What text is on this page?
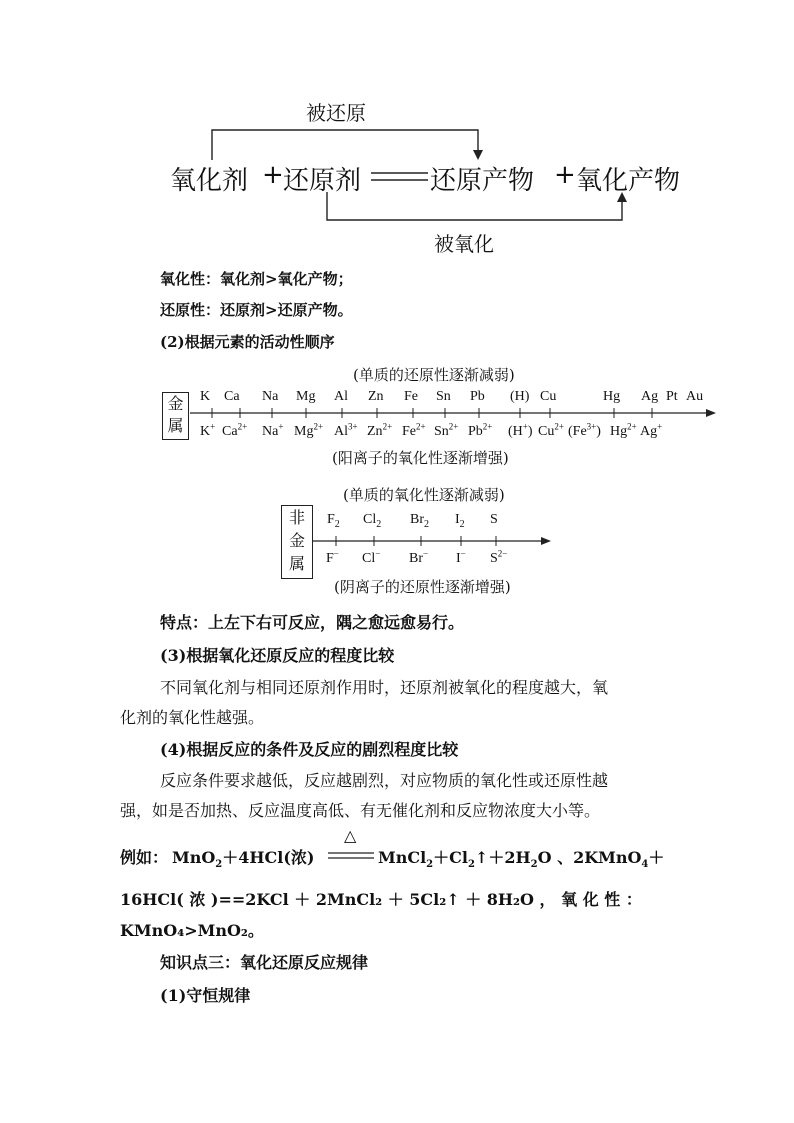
被还原
氧化剂 + 还原剂	还原产物 + 氧化产物
被氧化
氧化性：氧化剂>氧化产物；
还原性：还原剂>还原产物。
(2)根据元素的活动性顺序
(单质的还原性逐渐减弱)
金
属
K Ca Na Mg Al Zn Fe Sn Pb (H) Cu	Hg Ag Pt Au
K+ $Ca^{2+}$ Na+ $Mg^{2+}$ $Al^{3+}$ $Zn^{2+}$ $Fe^{2+}$ $Sn^{2+}$ $Pb^{2+}$ (H+) $Cu^{2+}$ $(Fe^{3+})$ $Hg^{2+}$ Ag+
(阳离子的氧化性逐渐增强)
(单质的氧化性逐渐减弱)
非
金
属
$F_2$ $Cl_2$ $Br_2$ $I_2$ S
F− Cl− Br− I− $S^{2-}$
(阴离子的还原性逐渐增强)
特点：上左下右可反应，隅之愈远愈易行。
(3)根据氧化还原反应的程度比较
不同氧化剂与相同还原剂作用时，还原剂被氧化的程度越大，氧
化剂的氧化性越强。
(4)根据反应的条件及反应的剧烈程度比较
反应条件要求越低，反应越剧烈，对应物质的氧化性或还原性越
强，如是否加热、反应温度高低、有无催化剂和反应物浓度大小等。
例如： MnO$_2$＋4HCl(浓)
△
$MnCl_2+Cl_2↑+2H_2O$ 、2KMnO$_4$＋
16HCl( 浓 )==2KCl ＋ 2MnCl₂ ＋ 5Cl₂↑ ＋ 8H₂O ， 氧 化 性 ：
KMnO₄>MnO₂。
知识点三：氧化还原反应规律
(1)守恒规律
